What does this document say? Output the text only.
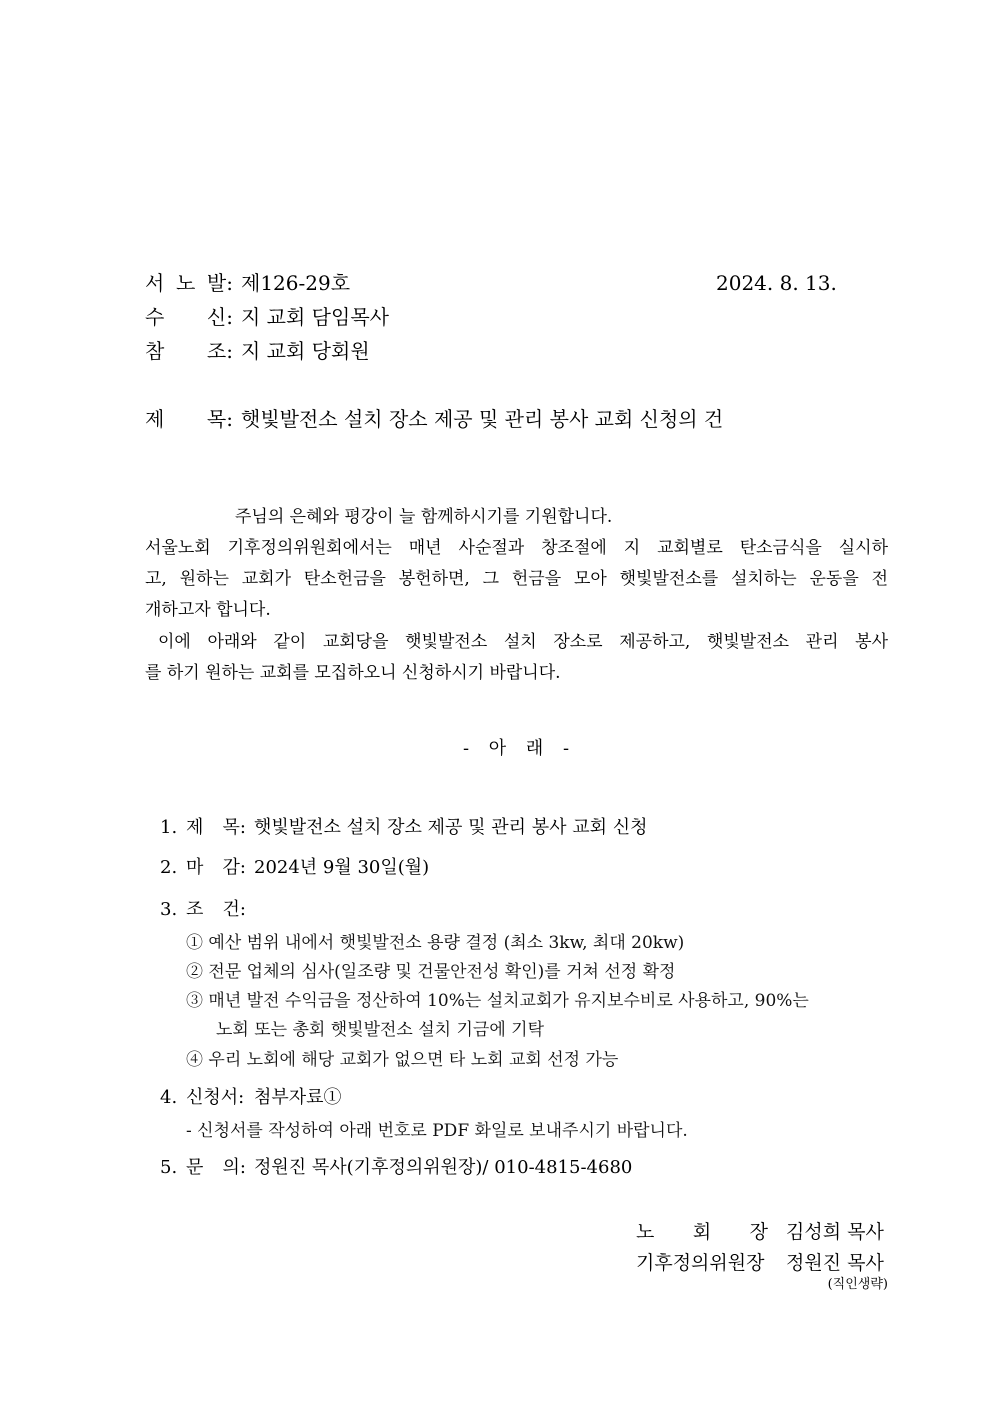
서 노 발: 제126-29호	2024. 8. 13.
수 신: 지 교회 담임목사
참 조: 지 교회 당회원
제 목: 햇빛발전소 설치 장소 제공 및 관리 봉사 교회 신청의 건
주님의 은혜와 평강이 늘 함께하시기를 기원합니다.
서울노회 기후정의위원회에서는 매년 사순절과 창조절에 지 교회별로 탄소금식을 실시하
고, 원하는 교회가 탄소헌금을 봉헌하면, 그 헌금을 모아 햇빛발전소를 설치하는 운동을 전
개하고자 합니다.
이에 아래와 같이 교회당을 햇빛발전소 설치 장소로 제공하고, 햇빛발전소 관리 봉사
를 하기 원하는 교회를 모집하오니 신청하시기 바랍니다.
- 아 래 -
1. 제 목: 햇빛발전소 설치 장소 제공 및 관리 봉사 교회 신청
2. 마 감: 2024년 9월 30일(월)
3. 조 건:
① 예산 범위 내에서 햇빛발전소 용량 결정 (최소 3kw, 최대 20kw)
② 전문 업체의 심사(일조량 및 건물안전성 확인)를 거쳐 선정 확정
③ 매년 발전 수익금을 정산하여 10%는 설치교회가 유지보수비로 사용하고, 90%는
노회 또는 총회 햇빛발전소 설치 기금에 기탁
④ 우리 노회에 해당 교회가 없으면 타 노회 교회 선정 가능
4. 신청서: 첨부자료①
- 신청서를 작성하여 아래 번호로 PDF 화일로 보내주시기 바랍니다.
5. 문 의: 정원진 목사(기후정의위원장)/ 010-4815-4680
노 회 장 김성희 목사
기후정의위원장 정원진 목사
(직인생략)
